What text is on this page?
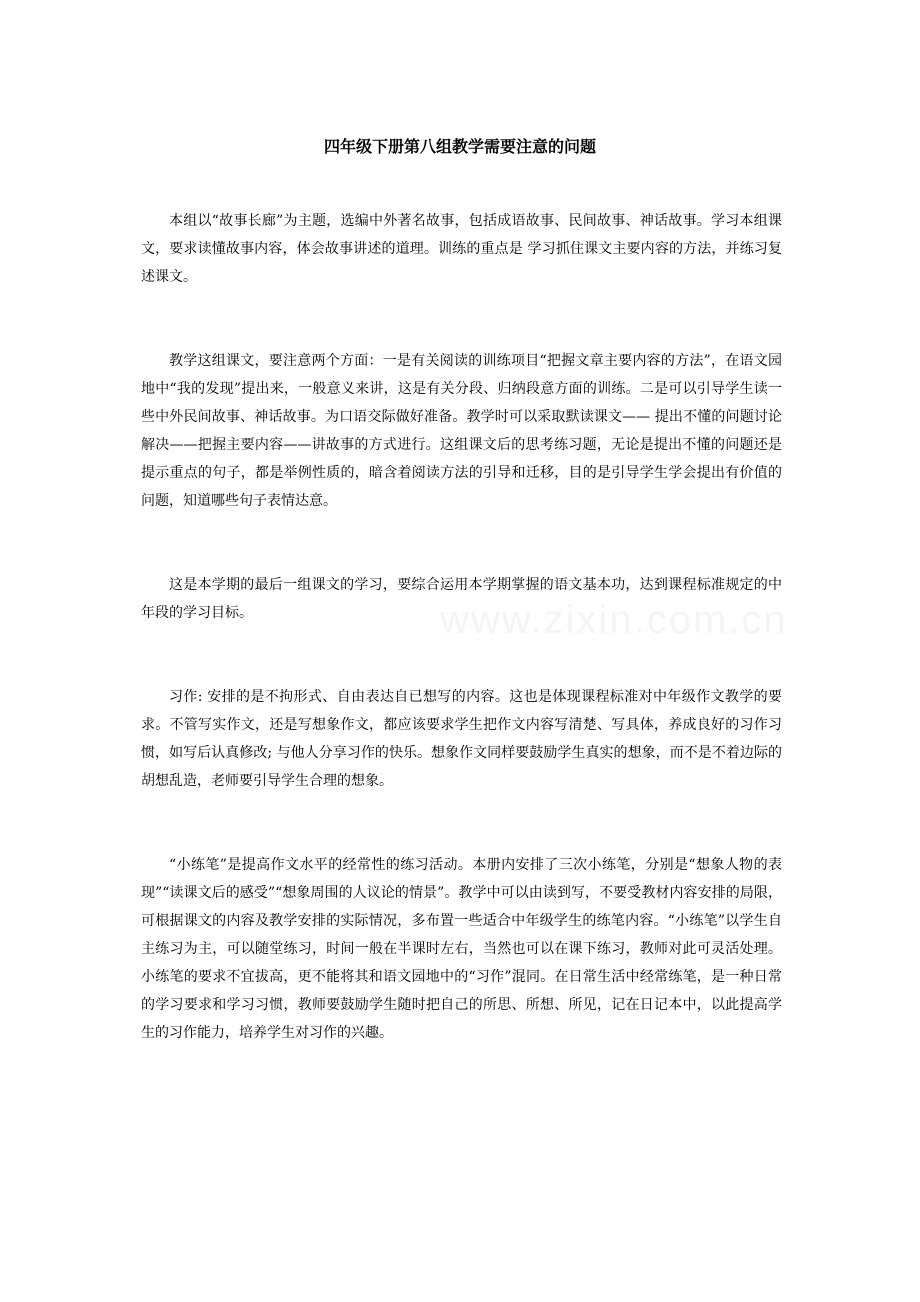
四年级下册第八组教学需要注意的问题

本组以“故事长廊”为主题，选编中外著名故事，包括成语故事、民间故事、神话故事。学习本组课文，要求读懂故事内容，体会故事讲述的道理。训练的重点是 学习抓住课文主要内容的方法，并练习复述课文。

教学这组课文，要注意两个方面：一是有关阅读的训练项目“把握文章主要内容的方法”，在语文园地中“我的发现”提出来，一般意义来讲，这是有关分段、归纳段意方面的训练。二是可以引导学生读一些中外民间故事、神话故事。为口语交际做好准备。教学时可以采取默读课文—— 提出不懂的问题讨论解决——把握主要内容——讲故事的方式进行。这组课文后的思考练习题，无论是提出不懂的问题还是提示重点的句子，都是举例性质的，暗含着阅读方法的引导和迁移，目的是引导学生学会提出有价值的问题，知道哪些句子表情达意。

这是本学期的最后一组课文的学习，要综合运用本学期掌握的语文基本功，达到课程标准规定的中年段的学习目标。

习作: 安排的是不拘形式、自由表达自已想写的内容。这也是体现课程标准对中年级作文教学的要求。不管写实作文，还是写想象作文，都应该要求学生把作文内容写清楚、写具体，养成良好的习作习惯，如写后认真修改; 与他人分享习作的快乐。想象作文同样要鼓励学生真实的想象，而不是不着边际的胡想乱造，老师要引导学生合理的想象。

“小练笔”是提高作文水平的经常性的练习活动。本册内安排了三次小练笔，分别是“想象人物的表现”“读课文后的感受”“想象周围的人议论的情景”。教学中可以由读到写，不要受教材内容安排的局限，可根据课文的内容及教学安排的实际情况，多布置一些适合中年级学生的练笔内容。“小练笔”以学生自主练习为主，可以随堂练习，时间一般在半课时左右，当然也可以在课下练习，教师对此可灵活处理。小练笔的要求不宜拔高，更不能将其和语文园地中的“习作”混同。在日常生活中经常练笔，是一种日常的学习要求和学习习惯，教师要鼓励学生随时把自己的所思、所想、所见，记在日记本中，以此提高学生的习作能力，培养学生对习作的兴趣。
